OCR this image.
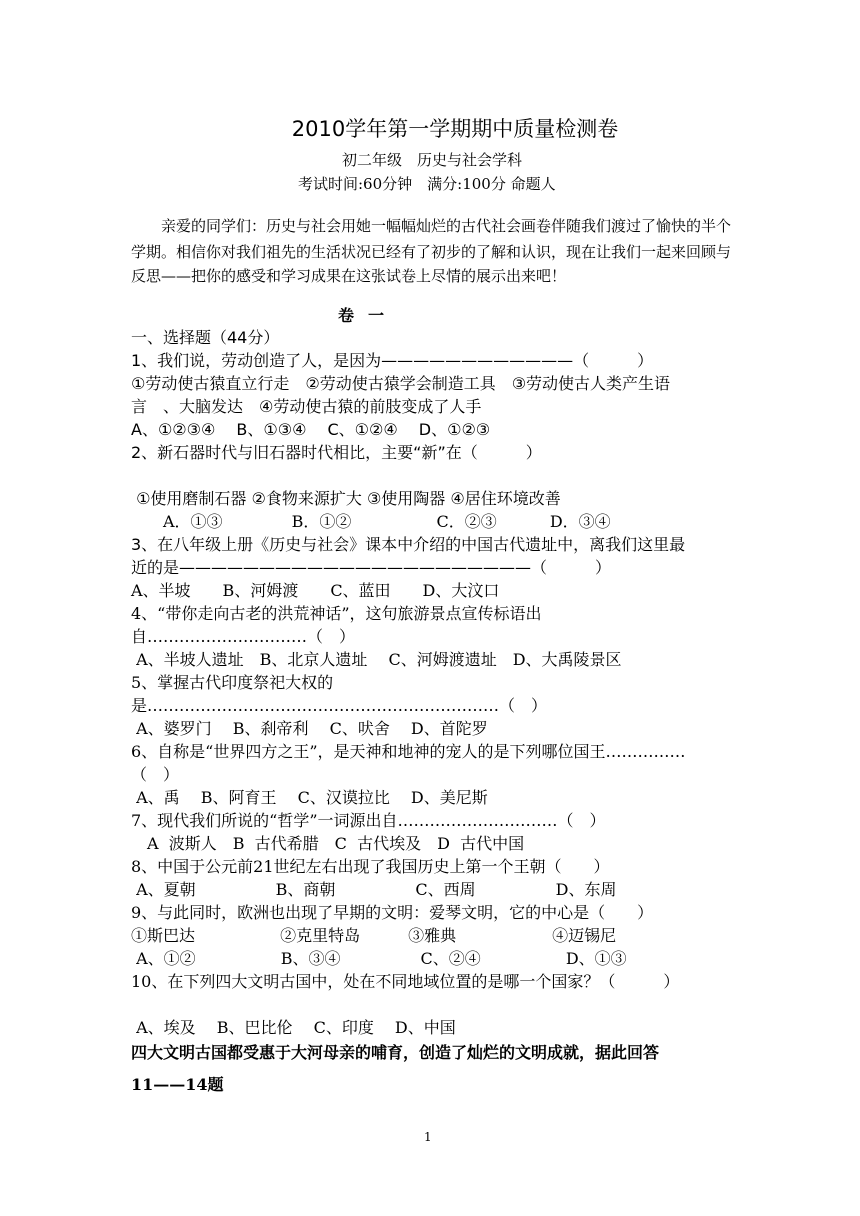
2010学年第一学期期中质量检测卷
初二年级　历史与社会学科
考试时间:60分钟　满分:100分 命题人
　　亲爱的同学们：历史与社会用她一幅幅灿烂的古代社会画卷伴随我们渡过了愉快的半个
学期。相信你对我们祖先的生活状况已经有了初步的了解和认识，现在让我们一起来回顾与
反思——把你的感受和学习成果在这张试卷上尽情的展示出来吧！
卷一
一、选择题（44分）
1、我们说，劳动创造了人，是因为————————————（　　　）
①劳动使古猿直立行走　②劳动使古猿学会制造工具　③劳动使古人类产生语
言　、大脑发达　④劳动使古猿的前肢变成了人手
A、①②③④　 B、①③④　 C、①②④　 D、①②③
2、新石器时代与旧石器时代相比，主要“新”在（　　　）
①使用磨制石器 ②食物来源扩大 ③使用陶器 ④居住环境改善
　　A．①③　　　　 B．①②　　　　　 C．②③　　　 D．③④
3、在八年级上册《历史与社会》课本中介绍的中国古代遗址中，离我们这里最
近的是——————————————————————（　　　）
A、半坡　　B、河姆渡　　C、蓝田　　D、大汶口
4、“带你走向古老的洪荒神话”，这句旅游景点宣传标语出
自…………………………（　）
A、半坡人遗址　B、北京人遗址　 C、河姆渡遗址　D、大禹陵景区
5、掌握古代印度祭祀大权的
是…………………………………………………………（　）
A、婆罗门　 B、刹帝利　 C、吠舍　 D、首陀罗
6、自称是“世界四方之王”，是天神和地神的宠人的是下列哪位国王……………
（　）
A、禹　 B、阿育王　 C、汉谟拉比　 D、美尼斯
7、现代我们所说的“哲学”一词源出自…………………………（　）
　A  波斯人　B  古代希腊　C  古代埃及　D  古代中国
8、中国于公元前21世纪左右出现了我国历史上第一个王朝（　　）
A、夏朝　　　　　B、商朝　　　　　C、西周　　　　　D、东周
9、与此同时，欧洲也出现了早期的文明：爱琴文明，它的中心是（　　）
①斯巴达　　　　　 ②克里特岛　　　③雅典　　　　　　④迈锡尼
A、①②　　　　　 B、③④　　　　　C、②④　　　　　 D、①③
10、在下列四大文明古国中，处在不同地域位置的是哪一个国家？（　　　）
A、埃及　 B、巴比伦　 C、印度　 D、中国
四大文明古国都受惠于大河母亲的哺育，创造了灿烂的文明成就，据此回答
11——14题
1
